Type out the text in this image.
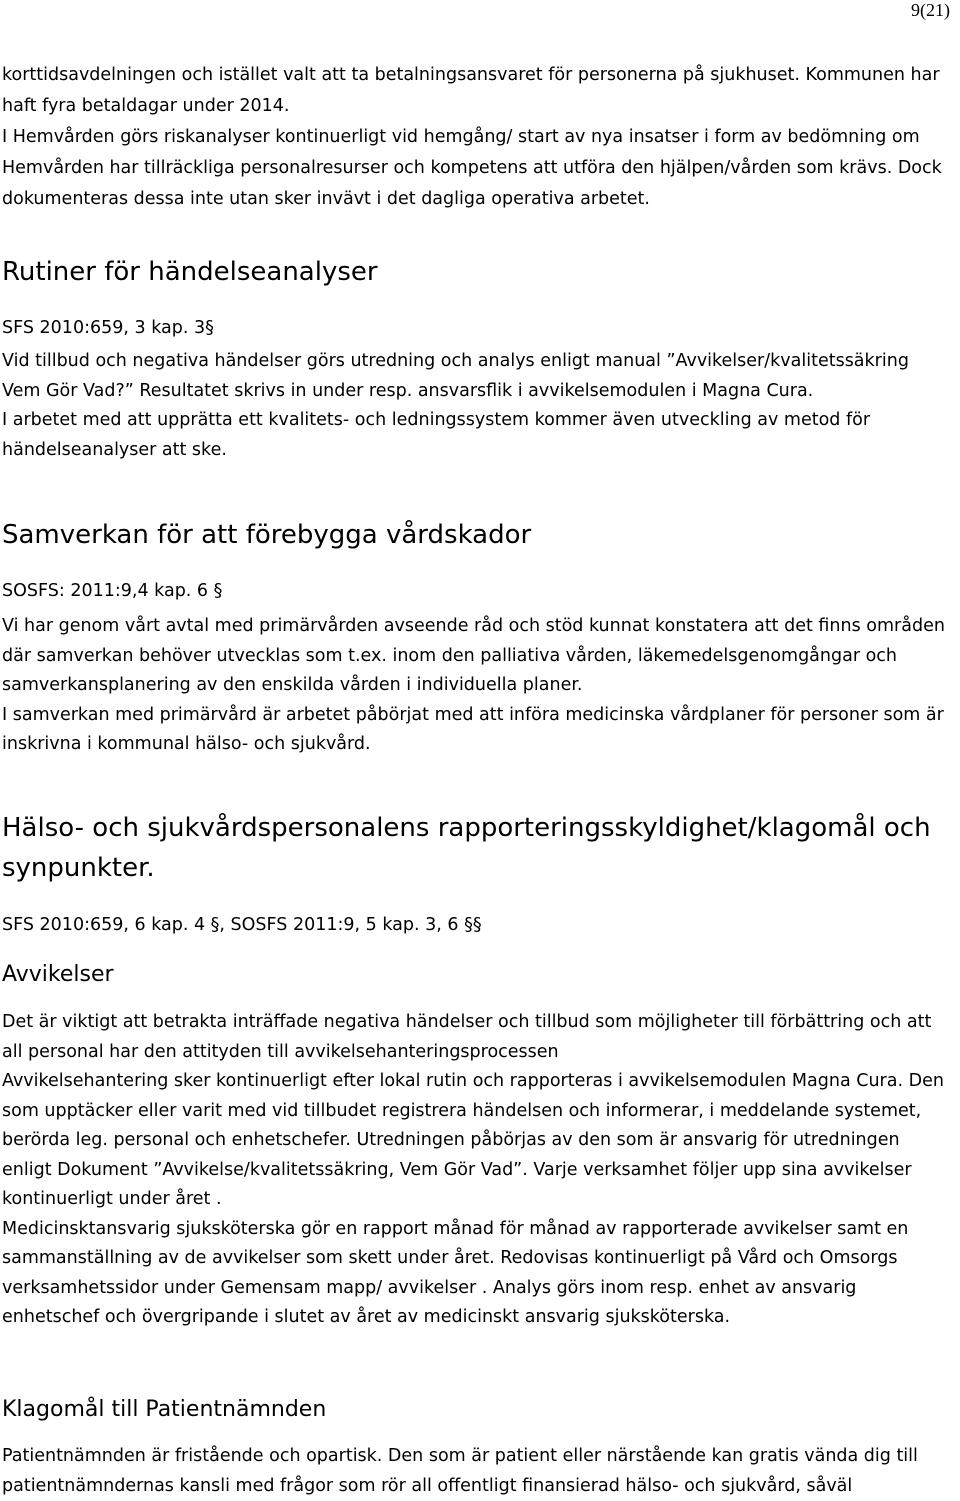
9(21)

korttidsavdelningen och istället valt att ta betalningsansvaret för personerna på sjukhuset. Kommunen har haft fyra betaldagar under 2014.

I Hemvården görs riskanalyser kontinuerligt vid hemgång/ start av nya insatser i form av bedömning om Hemvården har tillräckliga personalresurser och kompetens att utföra den hjälpen/vården som krävs. Dock dokumenteras dessa inte utan sker invävt i det dagliga operativa arbetet.

Rutiner för händelseanalyser
SFS 2010:659, 3 kap. 3§

Vid tillbud och negativa händelser görs utredning och analys enligt manual ”Avvikelser/kvalitetssäkring Vem Gör Vad?” Resultatet skrivs in under resp. ansvarsflik i avvikelsemodulen i Magna Cura.

I arbetet med att upprätta ett kvalitets- och ledningssystem kommer även utveckling av metod för händelseanalyser att ske.

Samverkan för att förebygga vårdskador
SOSFS: 2011:9,4 kap. 6 §

Vi har genom vårt avtal med primärvården avseende råd och stöd kunnat konstatera att det finns områden där samverkan behöver utvecklas som t.ex. inom den palliativa vården, läkemedelsgenomgångar och samverkansplanering av den enskilda vården i individuella planer.

I samverkan med primärvård är arbetet påbörjat med att införa medicinska vårdplaner för personer som är inskrivna i kommunal hälso- och sjukvård.

Hälso- och sjukvårdspersonalens rapporteringsskyldighet/klagomål och synpunkter.
SFS 2010:659, 6 kap. 4 §, SOSFS 2011:9, 5 kap. 3, 6 §§
Avvikelser

Det är viktigt att betrakta inträffade negativa händelser och tillbud som möjligheter till förbättring och att all personal har den attityden till avvikelsehanteringsprocessen

Avvikelsehantering sker kontinuerligt efter lokal rutin och rapporteras i avvikelsemodulen Magna Cura. Den som upptäcker eller varit med vid tillbudet registrera händelsen och informerar, i meddelande systemet, berörda leg. personal och enhetschefer. Utredningen påbörjas av den som är ansvarig för utredningen enligt Dokument ”Avvikelse/kvalitetssäkring, Vem Gör Vad”. Varje verksamhet följer upp sina avvikelser kontinuerligt under året .

Medicinsktansvarig sjuksköterska gör en rapport månad för månad av rapporterade avvikelser samt en sammanställning av de avvikelser som skett under året. Redovisas kontinuerligt på Vård och Omsorgs verksamhetssidor under Gemensam mapp/ avvikelser . Analys görs inom resp. enhet av ansvarig enhetschef och övergripande i slutet av året av medicinskt ansvarig sjuksköterska.

Klagomål till Patientnämnden

Patientnämnden är fristående och opartisk. Den som är patient eller närstående kan gratis vända dig till patientnämndernas kansli med frågor som rör all offentligt finansierad hälso- och sjukvård, såväl
